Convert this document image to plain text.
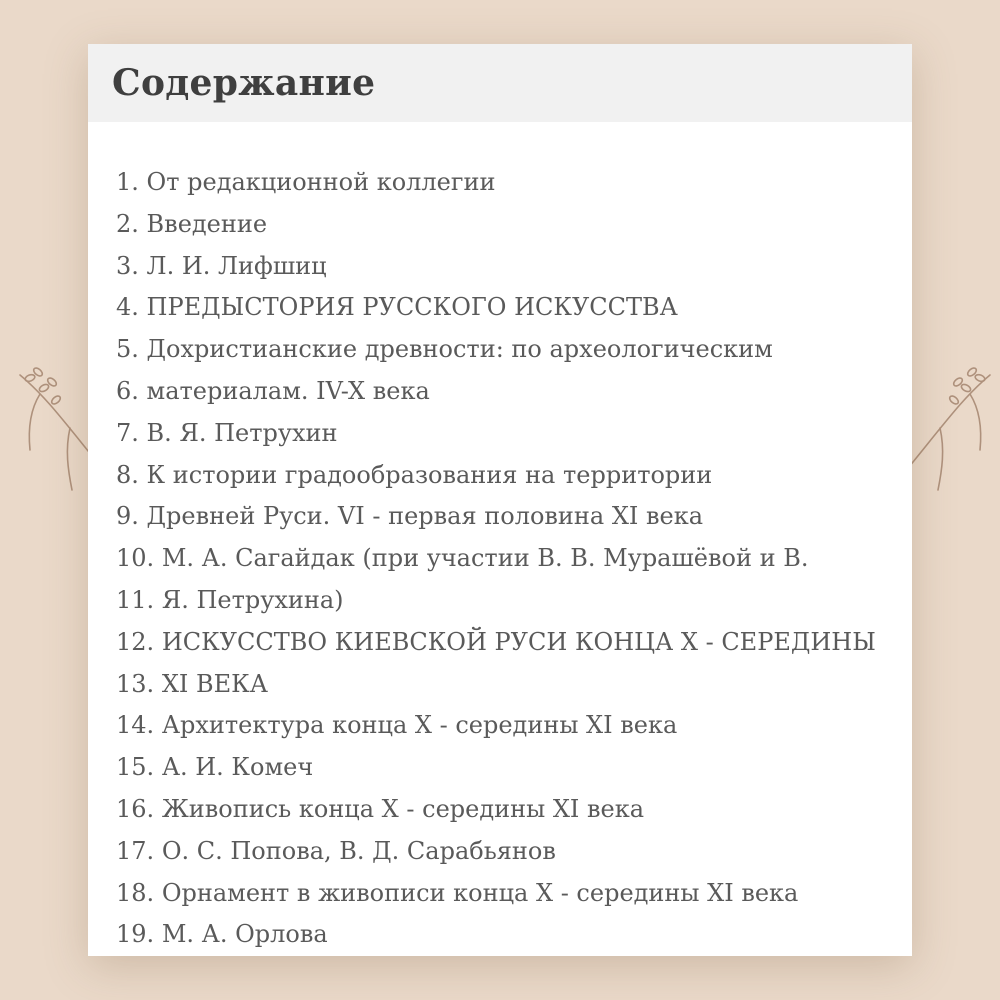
Содержание
1. От редакционной коллегии
2. Введение
3. Л. И. Лифшиц
4. ПРЕДЫСТОРИЯ РУССКОГО ИСКУССТВА
5. Дохристианские древности: по археологическим
6. материалам. IV-X века
7. В. Я. Петрухин
8. К истории градообразования на территории
9. Древней Руси. VI - первая половина XI века
10. М. А. Сагайдак (при участии В. В. Мурашёвой и В.
11. Я. Петрухина)
12. ИСКУССТВО КИЕВСКОЙ РУСИ КОНЦА X - СЕРЕДИНЫ
13. XI ВЕКА
14. Архитектура конца X - середины XI века
15. А. И. Комеч
16. Живопись конца X - середины XI века
17. О. С. Попова, В. Д. Сарабьянов
18. Орнамент в живописи конца X - середины XI века
19. М. А. Орлова
